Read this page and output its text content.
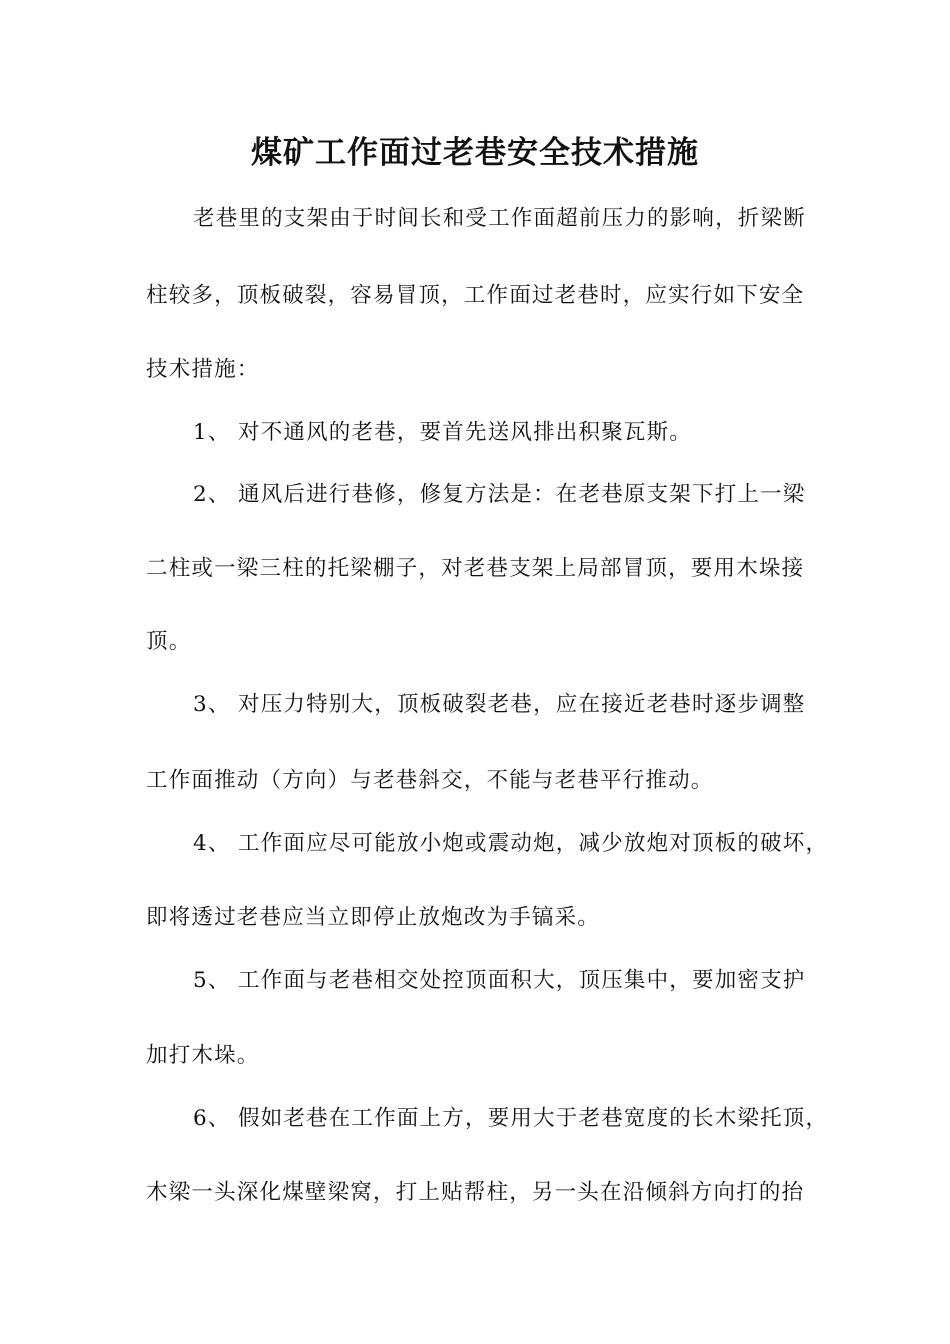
煤矿工作面过老巷安全技术措施
老巷里的支架由于时间长和受工作面超前压力的影响，折梁断
柱较多，顶板破裂，容易冒顶，工作面过老巷时，应实行如下安全
技术措施：
1、 对不通风的老巷，要首先送风排出积聚瓦斯。
2、 通风后进行巷修，修复方法是：在老巷原支架下打上一梁
二柱或一梁三柱的托梁棚子，对老巷支架上局部冒顶，要用木垛接
顶。
3、 对压力特别大，顶板破裂老巷，应在接近老巷时逐步调整
工作面推动（方向）与老巷斜交，不能与老巷平行推动。
4、 工作面应尽可能放小炮或震动炮，减少放炮对顶板的破坏，
即将透过老巷应当立即停止放炮改为手镐采。
5、 工作面与老巷相交处控顶面积大，顶压集中，要加密支护
加打木垛。
6、 假如老巷在工作面上方，要用大于老巷宽度的长木梁托顶，
木梁一头深化煤壁梁窝，打上贴帮柱，另一头在沿倾斜方向打的抬
